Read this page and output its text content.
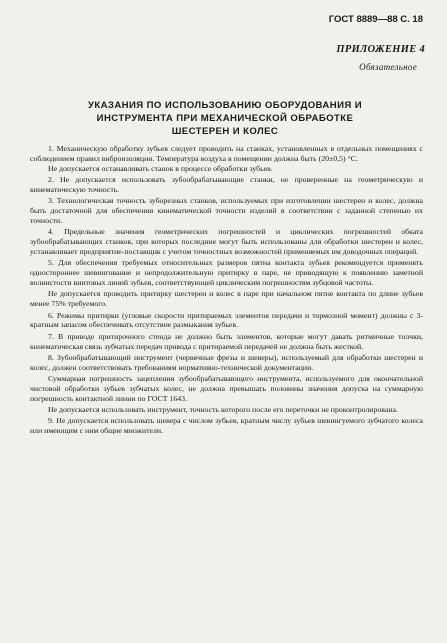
ГОСТ 8889—88 С. 18
ПРИЛОЖЕНИЕ 4
Обязательное
УКАЗАНИЯ ПО ИСПОЛЬЗОВАНИЮ ОБОРУДОВАНИЯ И
ИНСТРУМЕНТА ПРИ МЕХАНИЧЕСКОЙ ОБРАБОТКЕ
ШЕСТЕРЕН И КОЛЕС

1. Механическую обработку зубьев следует проводить на станках, установленных в отдельных помещениях с соблюдением правил виброизоляции. Температура воздуха в помещении должна быть (20±0,5) °С.

Не допускается останавливать станок в процессе обработки зубьев.

2. Не допускается использовать зубообрабатывающие станки, не проверенные на геометрическую и кинематическую точность.

3. Технологическая точность зуборезных станков, используемых при изготовлении шестерен и колес, должна быть достаточной для обеспечения кинематической точности изделий в соответствии с заданной степенью их точности.

4. Предельные значения геометрических погрешностей и циклических погрешностей обката зубообрабатывающих станков, при которых последние могут быть использованы для обработки шестерен и колес, устанавливает предприятие-поставщик с учетом точностных возможностей применяемых им доводочных операций.

5. Для обеспечения требуемых относительных размеров пятна контакта зубьев рекомендуется применять одностороннее шевингование и непродолжительную притирку в паре, не приводящую к появлению заметной волнистости винтовых линий зубьев, соответствующей циклическим погрешностям зубцовой частоты.

Не допускается проводить притирку шестерен и колес в паре при начальном пятне контакта по длине зубьев менее 75% требуемого.

6. Режимы притирки (угловые скорости притираемых элементов передачи и тормозной момент) должны с 3-кратным запасом обеспечивать отсутствие размыкания зубьев.

7. В приводе притирочного стенда не должно быть элементов, которые могут давать ритмичные толчки, кинематическая связь зубчатых передач привода с притираемой передачей не должна быть жесткой.

8. Зубообрабатывающий инструмент (червячные фрезы и шеверы), используемый для обработки шестерен и колес, должен соответствовать требованиям нормативно-технической документации.

Суммарная погрешность зацепления зубообрабатывающего инструмента, используемого для окончательной чистовой обработки зубьев зубчатых колес, не должна превышать половины значения допуска на суммарную погрешность контактной линии по ГОСТ 1643.

Не допускается использовать инструмент, точность которого после его переточки не проконтролирована.

9. Не допускается использовать шевера с числом зубьев, кратным числу зубьев шевингуемого зубчатого колеса или имеющим с ним общие множители.
